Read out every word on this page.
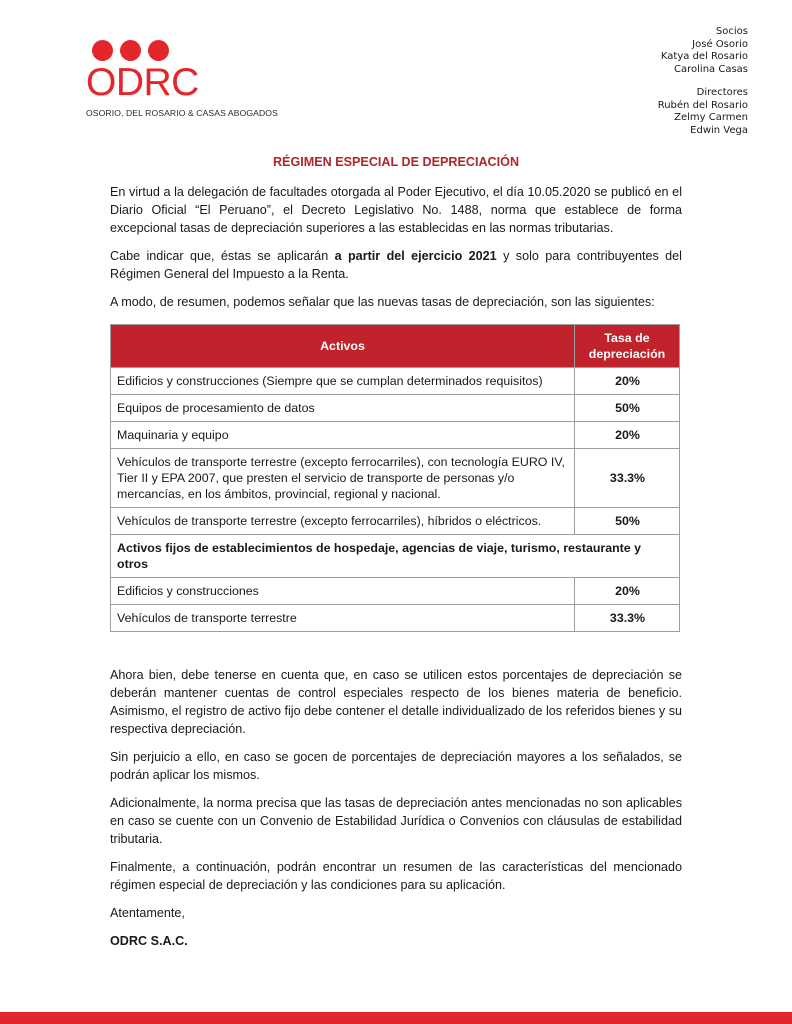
ODRC
OSORIO, DEL ROSARIO & CASAS ABOGADOS
Socios
José Osorio
Katya del Rosario
Carolina Casas
Directores
Rubén del Rosario
Zelmy Carmen
Edwin Vega
RÉGIMEN ESPECIAL DE DEPRECIACIÓN

En virtud a la delegación de facultades otorgada al Poder Ejecutivo, el día 10.05.2020 se publicó en el Diario Oficial “El Peruano”, el Decreto Legislativo No. 1488, norma que establece de forma excepcional tasas de depreciación superiores a las establecidas en las normas tributarias.

Cabe indicar que, éstas se aplicarán a partir del ejercicio 2021 y solo para contribuyentes del Régimen General del Impuesto a la Renta.

A modo, de resumen, podemos señalar que las nuevas tasas de depreciación, son las siguientes:

Activos	Tasa de depreciación
Edificios y construcciones (Siempre que se cumplan determinados requisitos)	20%
Equipos de procesamiento de datos	50%
Maquinaria y equipo	20%
Vehículos de transporte terrestre (excepto ferrocarriles), con tecnología EURO IV, Tier II y EPA 2007, que presten el servicio de transporte de personas y/o mercancías, en los ámbitos, provincial, regional y nacional.	33.3%
Vehículos de transporte terrestre (excepto ferrocarriles), híbridos o eléctricos.	50%
Activos fijos de establecimientos de hospedaje, agencias de viaje, turismo, restaurante y otros	
Edificios y construcciones	20%
Vehículos de transporte terrestre	33.3%

Ahora bien, debe tenerse en cuenta que, en caso se utilicen estos porcentajes de depreciación se deberán mantener cuentas de control especiales respecto de los bienes materia de beneficio. Asimismo, el registro de activo fijo debe contener el detalle individualizado de los referidos bienes y su respectiva depreciación.

Sin perjuicio a ello, en caso se gocen de porcentajes de depreciación mayores a los señalados, se podrán aplicar los mismos.

Adicionalmente, la norma precisa que las tasas de depreciación antes mencionadas no son aplicables en caso se cuente con un Convenio de Estabilidad Jurídica o Convenios con cláusulas de estabilidad tributaria.

Finalmente, a continuación, podrán encontrar un resumen de las características del mencionado régimen especial de depreciación y las condiciones para su aplicación.

Atentamente,

ODRC S.A.C.
